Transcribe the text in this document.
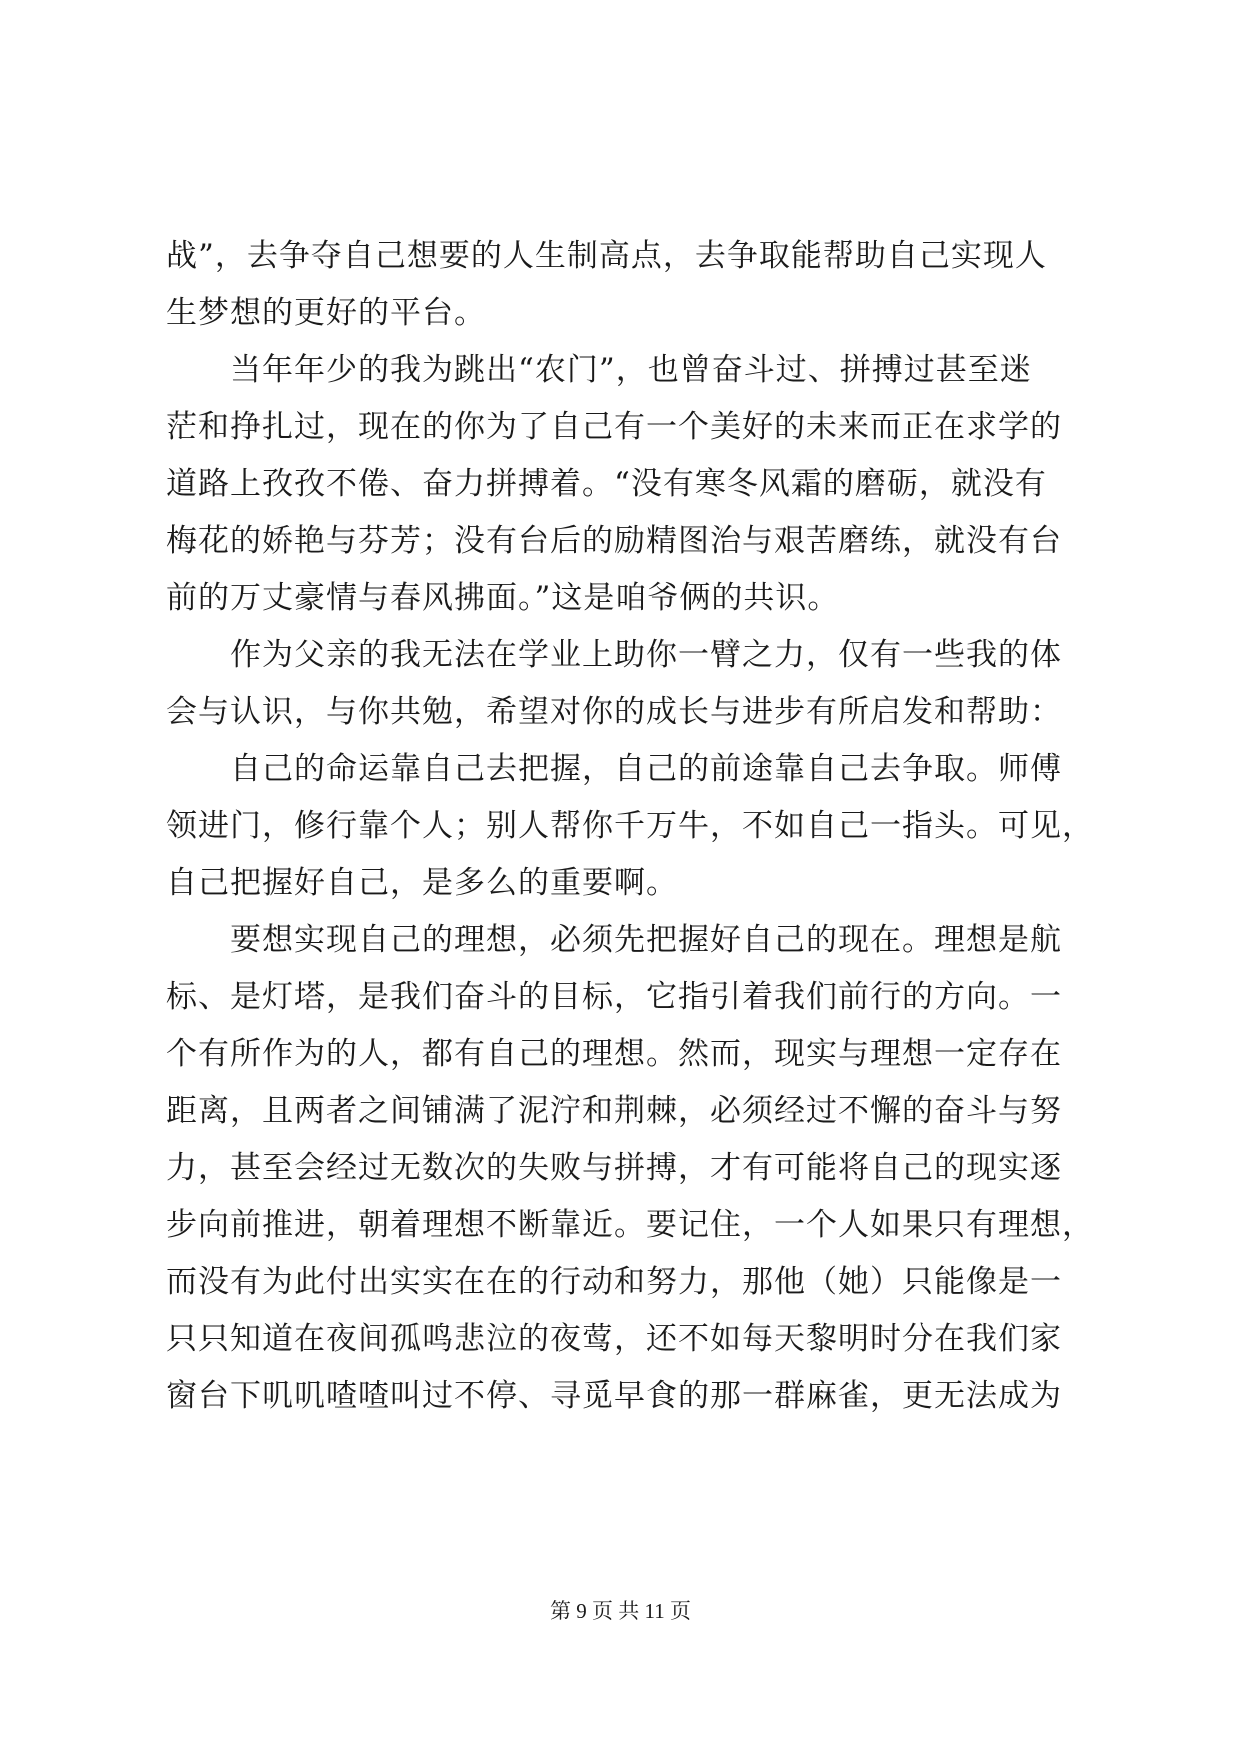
战”，去争夺自己想要的人生制高点，去争取能帮助自己实现人
生梦想的更好的平台。
　　当年年少的我为跳出“农门”，也曾奋斗过、拼搏过甚至迷
茫和挣扎过，现在的你为了自己有一个美好的未来而正在求学的
道路上孜孜不倦、奋力拼搏着。“没有寒冬风霜的磨砺，就没有
梅花的娇艳与芬芳；没有台后的励精图治与艰苦磨练，就没有台
前的万丈豪情与春风拂面。”这是咱爷俩的共识。
　　作为父亲的我无法在学业上助你一臂之力，仅有一些我的体
会与认识，与你共勉，希望对你的成长与进步有所启发和帮助：
　　自己的命运靠自己去把握，自己的前途靠自己去争取。师傅
领进门，修行靠个人；别人帮你千万牛，不如自己一指头。可见，
自己把握好自己，是多么的重要啊。
　　要想实现自己的理想，必须先把握好自己的现在。理想是航
标、是灯塔，是我们奋斗的目标，它指引着我们前行的方向。一
个有所作为的人，都有自己的理想。然而，现实与理想一定存在
距离，且两者之间铺满了泥泞和荆棘，必须经过不懈的奋斗与努
力，甚至会经过无数次的失败与拼搏，才有可能将自己的现实逐
步向前推进，朝着理想不断靠近。要记住，一个人如果只有理想，
而没有为此付出实实在在的行动和努力，那他（她）只能像是一
只只知道在夜间孤鸣悲泣的夜莺，还不如每天黎明时分在我们家
窗台下叽叽喳喳叫过不停、寻觅早食的那一群麻雀，更无法成为
第 9 页 共 11 页
